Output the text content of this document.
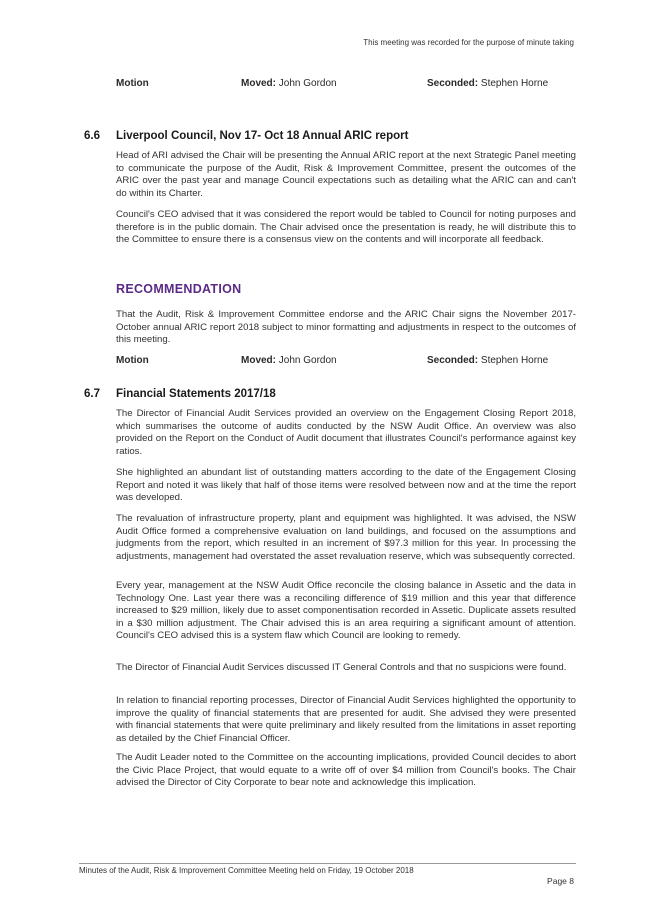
This meeting was recorded for the purpose of minute taking
Motion	Moved: John Gordon	Seconded: Stephen Horne
6.6 Liverpool Council, Nov 17- Oct 18 Annual ARIC report
Head of ARI advised the Chair will be presenting the Annual ARIC report at the next Strategic Panel meeting to communicate the purpose of the Audit, Risk & Improvement Committee, present the outcomes of the ARIC over the past year and manage Council expectations such as detailing what the ARIC can and can't do within its Charter.
Council's CEO advised that it was considered the report would be tabled to Council for noting purposes and therefore is in the public domain. The Chair advised once the presentation is ready, he will distribute this to the Committee to ensure there is a consensus view on the contents and will incorporate all feedback.
RECOMMENDATION
That the Audit, Risk & Improvement Committee endorse and the ARIC Chair signs the November 2017- October annual ARIC report 2018 subject to minor formatting and adjustments in respect to the outcomes of this meeting.
Motion	Moved: John Gordon	Seconded: Stephen Horne
6.7 Financial Statements 2017/18
The Director of Financial Audit Services provided an overview on the Engagement Closing Report 2018, which summarises the outcome of audits conducted by the NSW Audit Office. An overview was also provided on the Report on the Conduct of Audit document that illustrates Council's performance against key ratios.
She highlighted an abundant list of outstanding matters according to the date of the Engagement Closing Report and noted it was likely that half of those items were resolved between now and at the time the report was developed.
The revaluation of infrastructure property, plant and equipment was highlighted. It was advised, the NSW Audit Office formed a comprehensive evaluation on land buildings, and focused on the assumptions and judgments from the report, which resulted in an increment of $97.3 million for this year. In processing the adjustments, management had overstated the asset revaluation reserve, which was subsequently corrected.
Every year, management at the NSW Audit Office reconcile the closing balance in Assetic and the data in Technology One. Last year there was a reconciling difference of $19 million and this year that difference increased to $29 million, likely due to asset componentisation recorded in Assetic. Duplicate assets resulted in a $30 million adjustment. The Chair advised this is an area requiring a significant amount of attention. Council's CEO advised this is a system flaw which Council are looking to remedy.
The Director of Financial Audit Services discussed IT General Controls and that no suspicions were found.
In relation to financial reporting processes, Director of Financial Audit Services highlighted the opportunity to improve the quality of financial statements that are presented for audit. She advised they were presented with financial statements that were quite preliminary and likely resulted from the limitations in asset reporting as detailed by the Chief Financial Officer.
The Audit Leader noted to the Committee on the accounting implications, provided Council decides to abort the Civic Place Project, that would equate to a write off of over $4 million from Council's books. The Chair advised the Director of City Corporate to bear note and acknowledge this implication.
Minutes of the Audit, Risk & Improvement Committee Meeting held on Friday, 19 October 2018
Page 8
